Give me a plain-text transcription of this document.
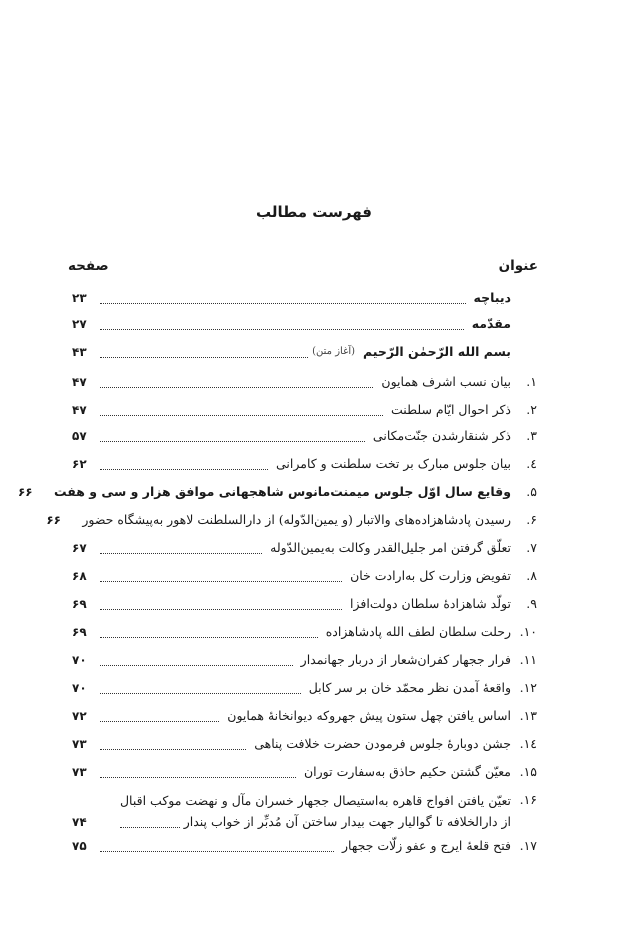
فهرست مطالب
عنوان
صفحه
دیباچه
۲۳
مقدّمه
۲۷
بسم الله الرّحمٰن الرّحیم
(آغاز متن)
۴۳
۱.
بیان نسب اشرف همایون
۴۷
۲.
ذکر احوال ایّام سلطنت
۴۷
۳.
ذکر شنقارشدن جنّت‌مکانی
۵۷
٤.
بیان جلوس مبارک بر تخت سلطنت و کامرانی
۶۲
۵.
وقایع سال اوّل جلوس میمنت‌مانوس شاهجهانی موافق هزار و سی و هفت
۶۶
۶.
رسیدن پادشاهزاده‌های والاتبار (و یمین‌الدّوله) از دارالسلطنت لاهور به‌پیشگاه حضور
۶۶
۷.
تعلّق گرفتن امر جلیل‌القدر وکالت به‌یمین‌الدّوله
۶۷
۸.
تفویض وزارت کل به‌ارادت خان
۶۸
۹.
تولّد شاهزادهٔ سلطان دولت‌افزا
۶۹
۱۰.
رحلت سلطان لطف الله پادشاهزاده
۶۹
۱۱.
فرار ججهار کفران‌شعار از دربار جهانمدار
۷۰
۱۲.
واقعهٔ آمدن نظر محمّد خان بر سر کابل
۷۰
۱۳.
اساس یافتن چهل ستون پیش جهروکه دیوانخانهٔ همایون
۷۲
۱٤.
جشن دوبارهٔ جلوس فرمودن حضرت خلافت پناهی
۷۳
۱۵.
معیّن گشتن حکیم حاذق به‌سفارت توران
۷۳
۱۶.
تعیّن یافتن افواج قاهره به‌استیصال ججهار خسران مآل و نهضت موکب اقبال
از دارالخلافه تا گوالیار جهت بیدار ساختن آن مُدبِّر از خواب پندار
۷۴
۱۷.
فتح قلعهٔ ایرج و عفو زلّات ججهار
۷۵
